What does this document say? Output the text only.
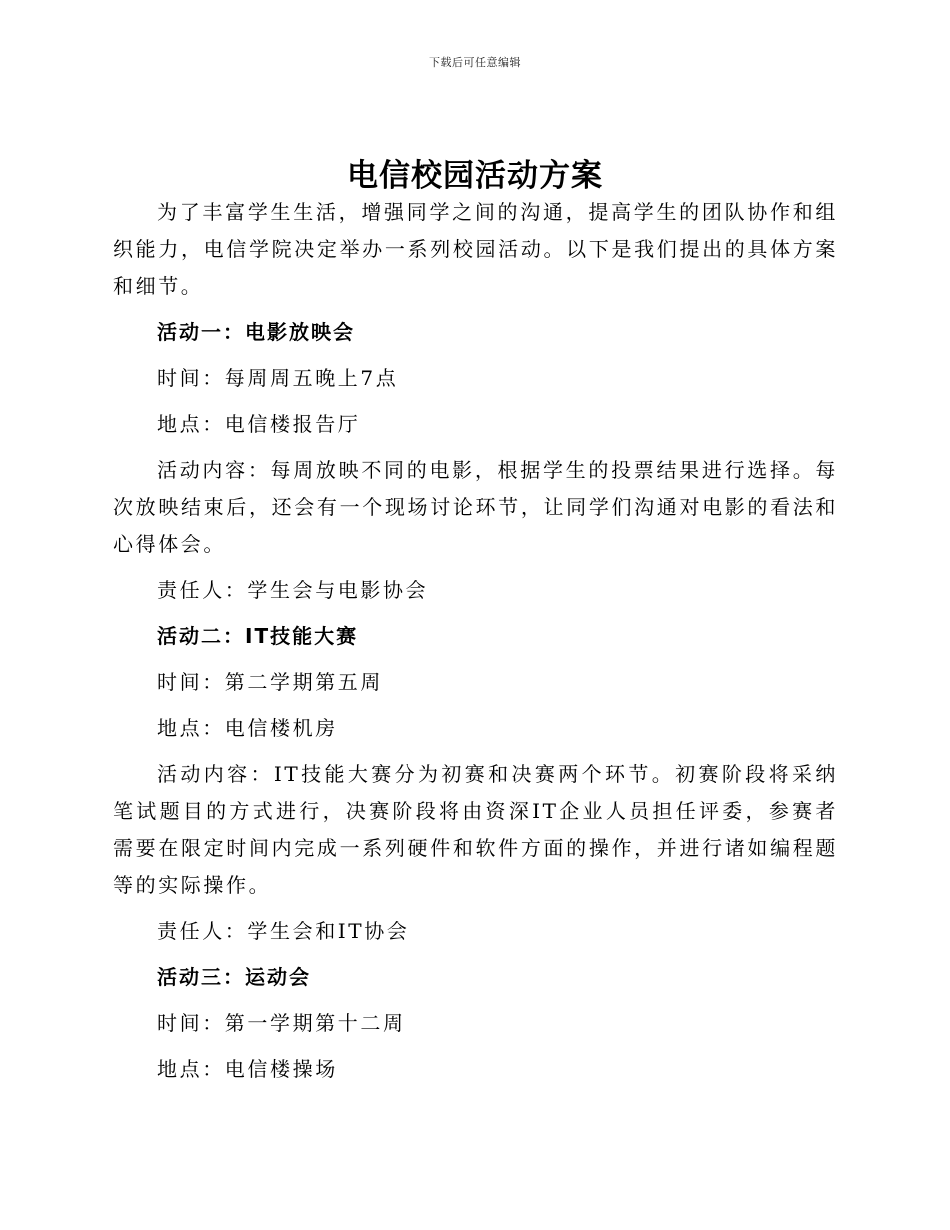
下载后可任意编辑
电信校园活动方案

为了丰富学生生活，增强同学之间的沟通，提高学生的团队协作和组织能力，电信学院决定举办一系列校园活动。以下是我们提出的具体方案和细节。

活动一：电影放映会

时间：每周周五晚上7点

地点：电信楼报告厅

活动内容：每周放映不同的电影，根据学生的投票结果进行选择。每次放映结束后，还会有一个现场讨论环节，让同学们沟通对电影的看法和心得体会。

责任人：学生会与电影协会

活动二：IT技能大赛

时间：第二学期第五周

地点：电信楼机房

活动内容：IT技能大赛分为初赛和决赛两个环节。初赛阶段将采纳笔试题目的方式进行，决赛阶段将由资深IT企业人员担任评委，参赛者需要在限定时间内完成一系列硬件和软件方面的操作，并进行诸如编程题等的实际操作。

责任人：学生会和IT协会

活动三：运动会

时间：第一学期第十二周

地点：电信楼操场
